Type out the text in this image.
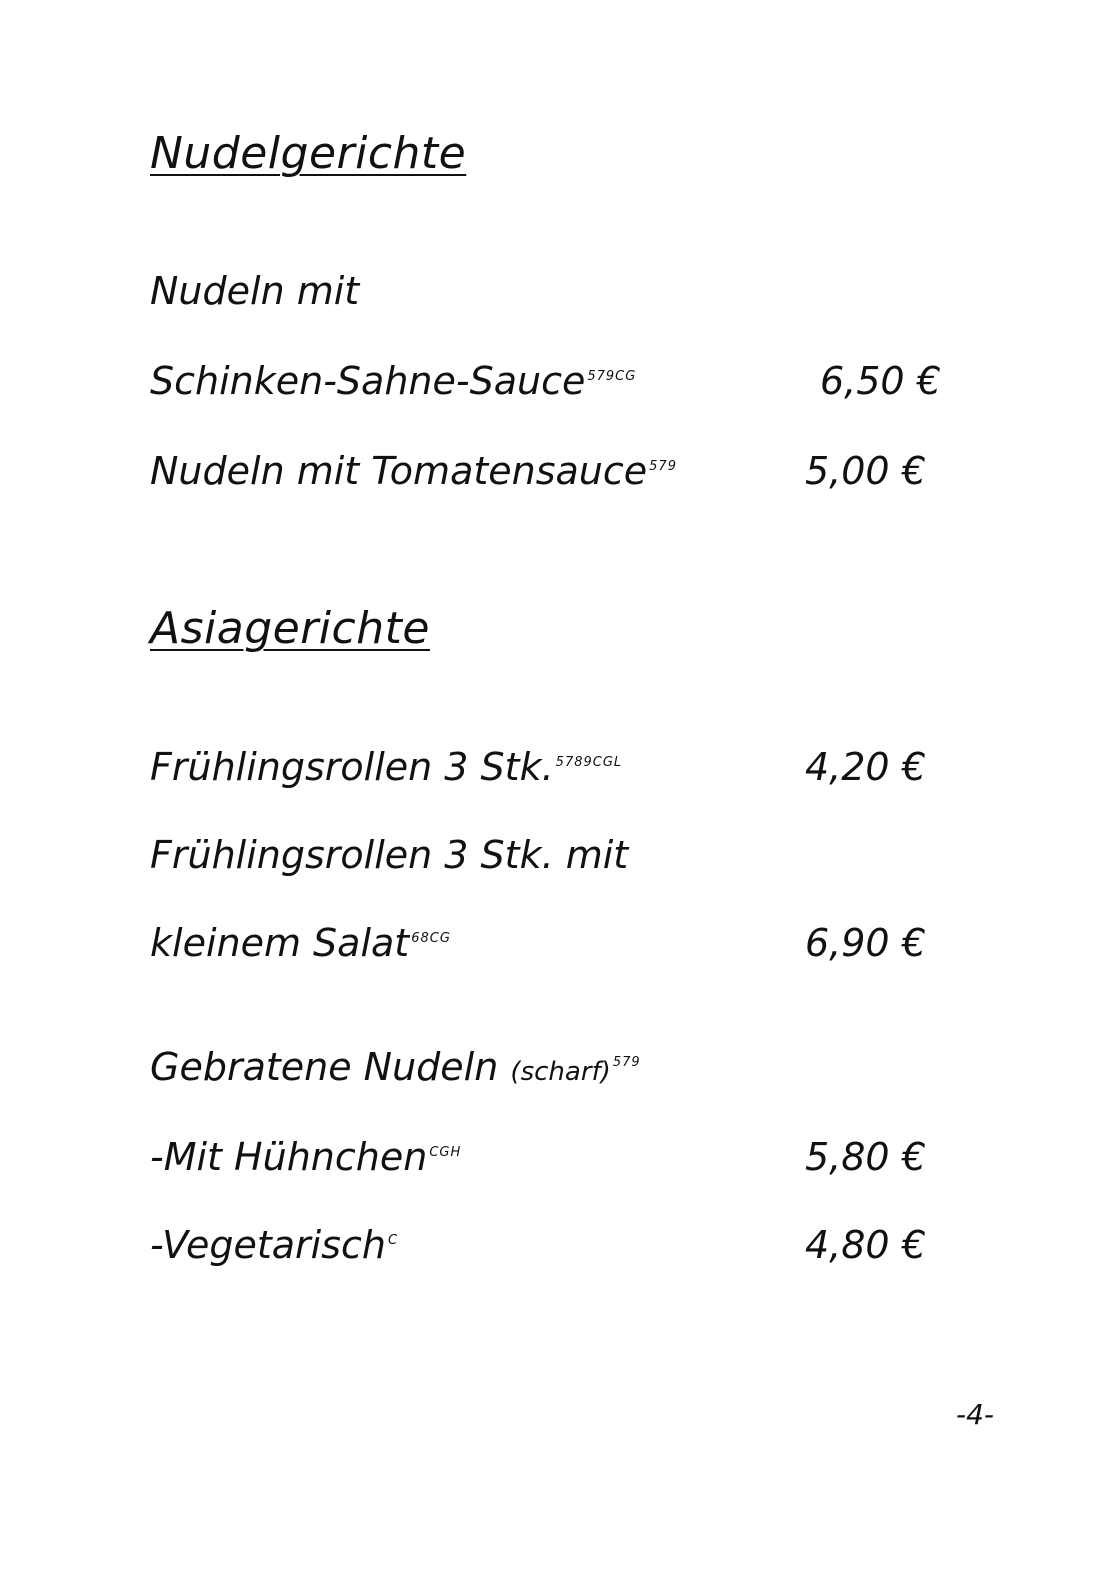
Nudelgerichte
Nudeln mit
Schinken-Sahne-Sauce $^{579CG}$	6,50 €
Nudeln mit Tomatensauce $^{579}$	5,00 €
Asiagerichte
Frühlingsrollen 3 Stk. $^{5789CGL}$	4,20 €
Frühlingsrollen 3 Stk. mit
kleinem Salat $^{68CG}$	6,90 €
Gebratene Nudeln (scharf) $^{579}$
-Mit Hühnchen $^{CGH}$	5,80 €
-Vegetarisch $^C$	4,80 €
-4-
